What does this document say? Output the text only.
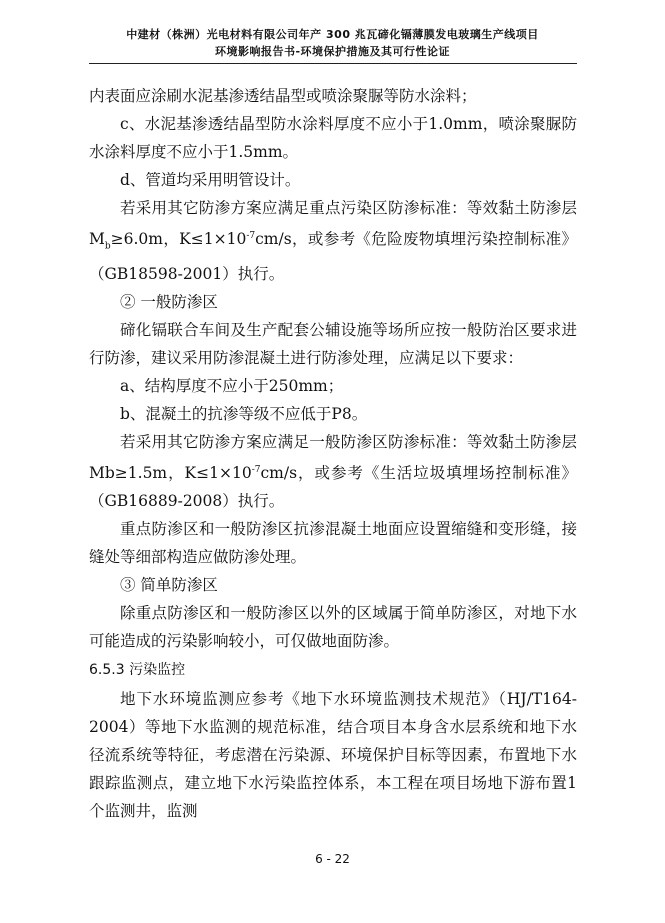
中建材（株洲）光电材料有限公司年产 300 兆瓦碲化镉薄膜发电玻璃生产线项目
环境影响报告书-环境保护措施及其可行性论证

内表面应涂刷水泥基渗透结晶型或喷涂聚脲等防水涂料；

c、水泥基渗透结晶型防水涂料厚度不应小于1.0mm，喷涂聚脲防水涂料厚度不应小于1.5mm。

d、管道均采用明管设计。

若采用其它防渗方案应满足重点污染区防渗标准：等效黏土防渗层$M_b\ge 6.0m$，$K\le 1\times 10^{-7}cm/s$，或参考《危险废物填埋污染控制标准》（GB18598-2001）执行。

② 一般防渗区

碲化镉联合车间及生产配套公辅设施等场所应按一般防治区要求进行防渗，建议采用防渗混凝土进行防渗处理，应满足以下要求：

a、结构厚度不应小于250mm；

b、混凝土的抗渗等级不应低于P8。

若采用其它防渗方案应满足一般防渗区防渗标准：等效黏土防渗层Mb≥1.5m，$K\le 1\times 10^{-7}cm/s$，或参考《生活垃圾填埋场控制标准》（GB16889-2008）执行。

重点防渗区和一般防渗区抗渗混凝土地面应设置缩缝和变形缝，接缝处等细部构造应做防渗处理。

③ 简单防渗区

除重点防渗区和一般防渗区以外的区域属于简单防渗区，对地下水可能造成的污染影响较小，可仅做地面防渗。

6.5.3 污染监控

地下水环境监测应参考《地下水环境监测技术规范》（HJ/T164-2004）等地下水监测的规范标准，结合项目本身含水层系统和地下水径流系统等特征，考虑潜在污染源、环境保护目标等因素，布置地下水跟踪监测点，建立地下水污染监控体系，本工程在项目场地下游布置1个监测井，监测

6 - 22
